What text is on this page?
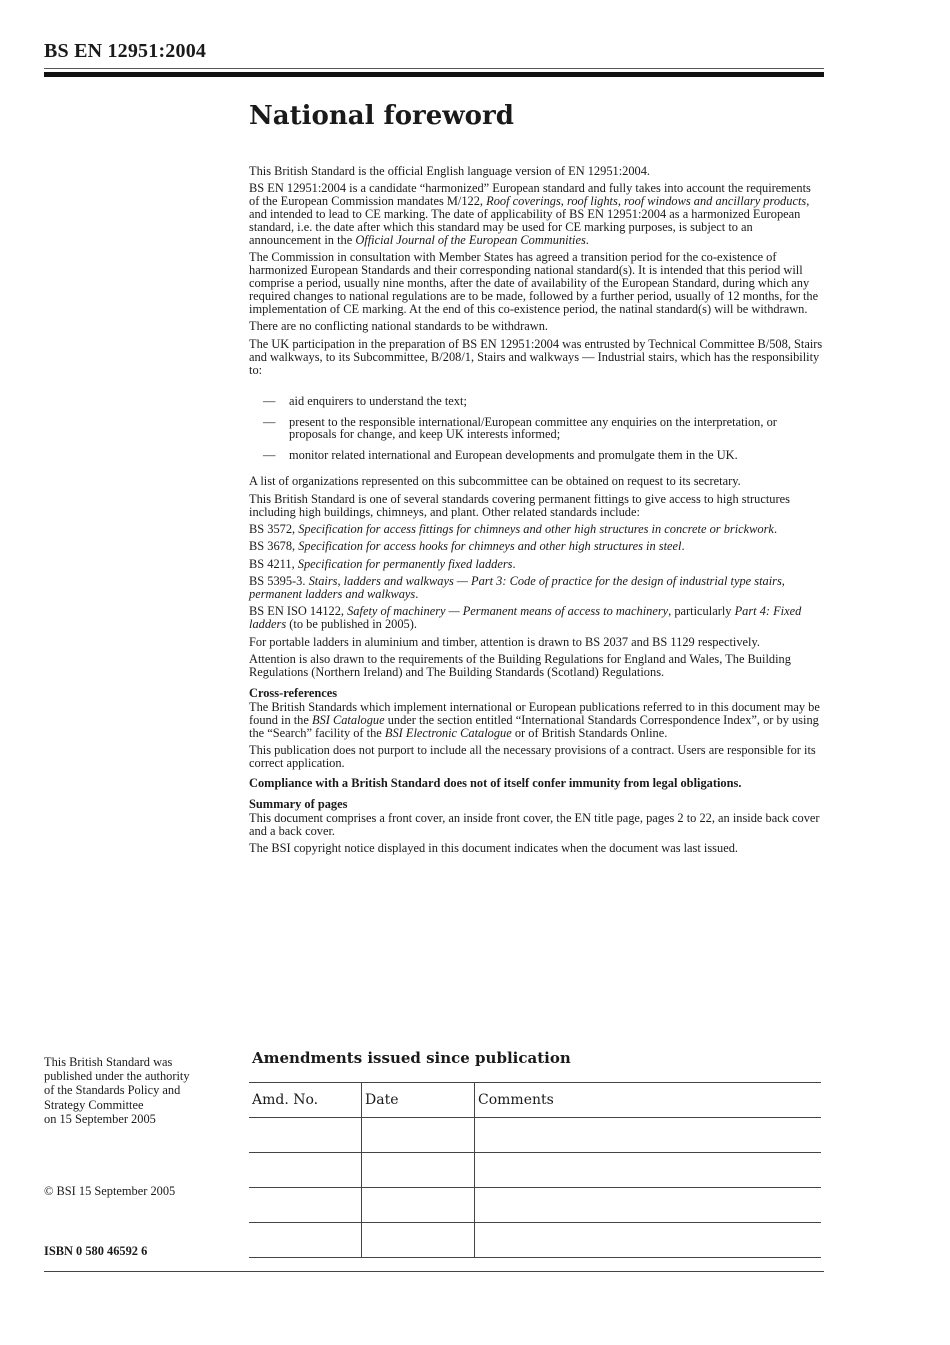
BS EN 12951:2004
National foreword

This British Standard is the official English language version of EN 12951:2004.

BS EN 12951:2004 is a candidate “harmonized” European standard and fully takes into account the requirements of the European Commission mandates M/122, Roof coverings, roof lights, roof windows and ancillary products, and intended to lead to CE marking. The date of applicability of BS EN 12951:2004 as a harmonized European standard, i.e. the date after which this standard may be used for CE marking purposes, is subject to an announcement in the Official Journal of the European Communities.

The Commission in consultation with Member States has agreed a transition period for the co-existence of harmonized European Standards and their corresponding national standard(s). It is intended that this period will comprise a period, usually nine months, after the date of availability of the European Standard, during which any required changes to national regulations are to be made, followed by a further period, usually of 12 months, for the implementation of CE marking. At the end of this co-existence period, the natinal standard(s) will be withdrawn.

There are no conflicting national standards to be withdrawn.

The UK participation in the preparation of BS EN 12951:2004 was entrusted by Technical Committee B/508, Stairs and walkways, to its Subcommittee, B/208/1, Stairs and walkways — Industrial stairs, which has the responsibility to:

— aid enquirers to understand the text;
— present to the responsible international/European committee any enquiries on the interpretation, or proposals for change, and keep UK interests informed;
— monitor related international and European developments and promulgate them in the UK.

A list of organizations represented on this subcommittee can be obtained on request to its secretary.

This British Standard is one of several standards covering permanent fittings to give access to high structures including high buildings, chimneys, and plant. Other related standards include:

BS 3572, Specification for access fittings for chimneys and other high structures in concrete or brickwork.

BS 3678, Specification for access hooks for chimneys and other high structures in steel.

BS 4211, Specification for permanently fixed ladders.

BS 5395-3. Stairs, ladders and walkways — Part 3: Code of practice for the design of industrial type stairs, permanent ladders and walkways.

BS EN ISO 14122, Safety of machinery — Permanent means of access to machinery, particularly Part 4: Fixed ladders (to be published in 2005).

For portable ladders in aluminium and timber, attention is drawn to BS 2037 and BS 1129 respectively.

Attention is also drawn to the requirements of the Building Regulations for England and Wales, The Building Regulations (Northern Ireland) and The Building Standards (Scotland) Regulations.

Cross-references

The British Standards which implement international or European publications referred to in this document may be found in the BSI Catalogue under the section entitled “International Standards Correspondence Index”, or by using the “Search” facility of the BSI Electronic Catalogue or of British Standards Online.

This publication does not purport to include all the necessary provisions of a contract. Users are responsible for its correct application.

Compliance with a British Standard does not of itself confer immunity from legal obligations.

Summary of pages

This document comprises a front cover, an inside front cover, the EN title page, pages 2 to 22, an inside back cover and a back cover.

The BSI copyright notice displayed in this document indicates when the document was last issued.

This British Standard was
published under the authority
of the Standards Policy and
Strategy Committee
on 15 September 2005
© BSI 15 September 2005
ISBN 0 580 46592 6
Amendments issued since publication
Amd. No.	Date	Comments
